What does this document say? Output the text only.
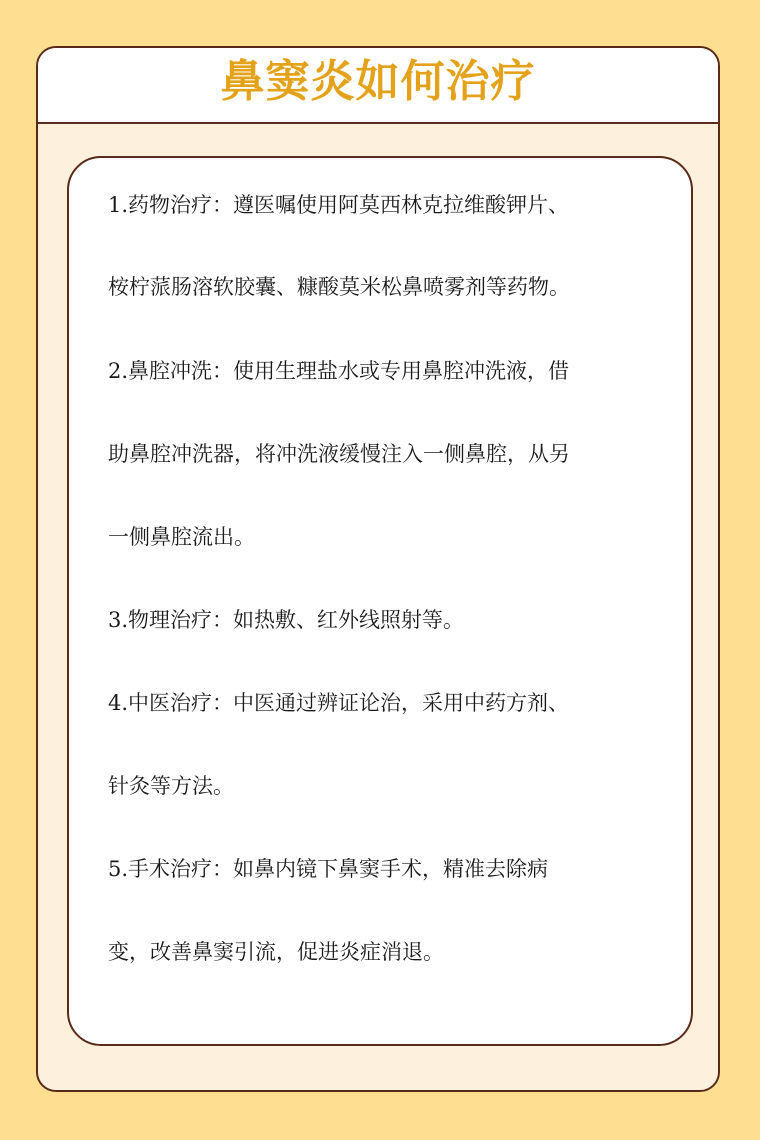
鼻窦炎如何治疗
1.药物治疗：遵医嘱使用阿莫西林克拉维酸钾片、
桉柠蒎肠溶软胶囊、糠酸莫米松鼻喷雾剂等药物。
2.鼻腔冲洗：使用生理盐水或专用鼻腔冲洗液，借
助鼻腔冲洗器，将冲洗液缓慢注入一侧鼻腔，从另
一侧鼻腔流出。
3.物理治疗：如热敷、红外线照射等。
4.中医治疗：中医通过辨证论治，采用中药方剂、
针灸等方法。
5.手术治疗：如鼻内镜下鼻窦手术，精准去除病
变，改善鼻窦引流，促进炎症消退。
